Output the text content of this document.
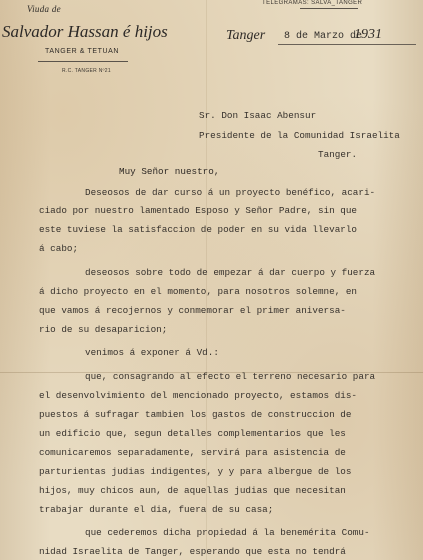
Viuda de
Salvador Hassan é hijos
TANGER & TETUAN
R.C. TANGER Nº21
TELEGRAMAS: SALVA_TANGER
Tanger 8 de Marzo de
1931
Sr. Don Isaac Abensur
Presidente de la Comunidad Israelita
Tanger.
Muy Señor nuestro,
Deseosos de dar curso á un proyecto benéfico, acari-
ciado por nuestro lamentado Esposo y Señor Padre, sin que
este tuviese la satisfaccion de poder en su vida llevarlo
á cabo;
deseosos sobre todo de empezar á dar cuerpo y fuerza
á dicho proyecto en el momento, para nosotros solemne, en
que vamos á recojernos y conmemorar el primer aniversa-
rio de su desaparicion;
venimos á exponer á Vd.:
que, consagrando al efecto el terreno necesario para
el desenvolvimiento del mencionado proyecto, estamos dis-
puestos á sufragar tambien los gastos de construccion de
un edificio que, segun detalles complementarios que les
comunicaremos separadamente, servirá para asistencia de
parturientas judias indigentes, y y para albergue de los
hijos, muy chicos aun, de aquellas judias que necesitan
trabajar durante el dia, fuera de su casa;
que cederemos dicha propiedad á la benemérita Comu-
nidad Israelita de Tanger, esperando que esta no tendrá
